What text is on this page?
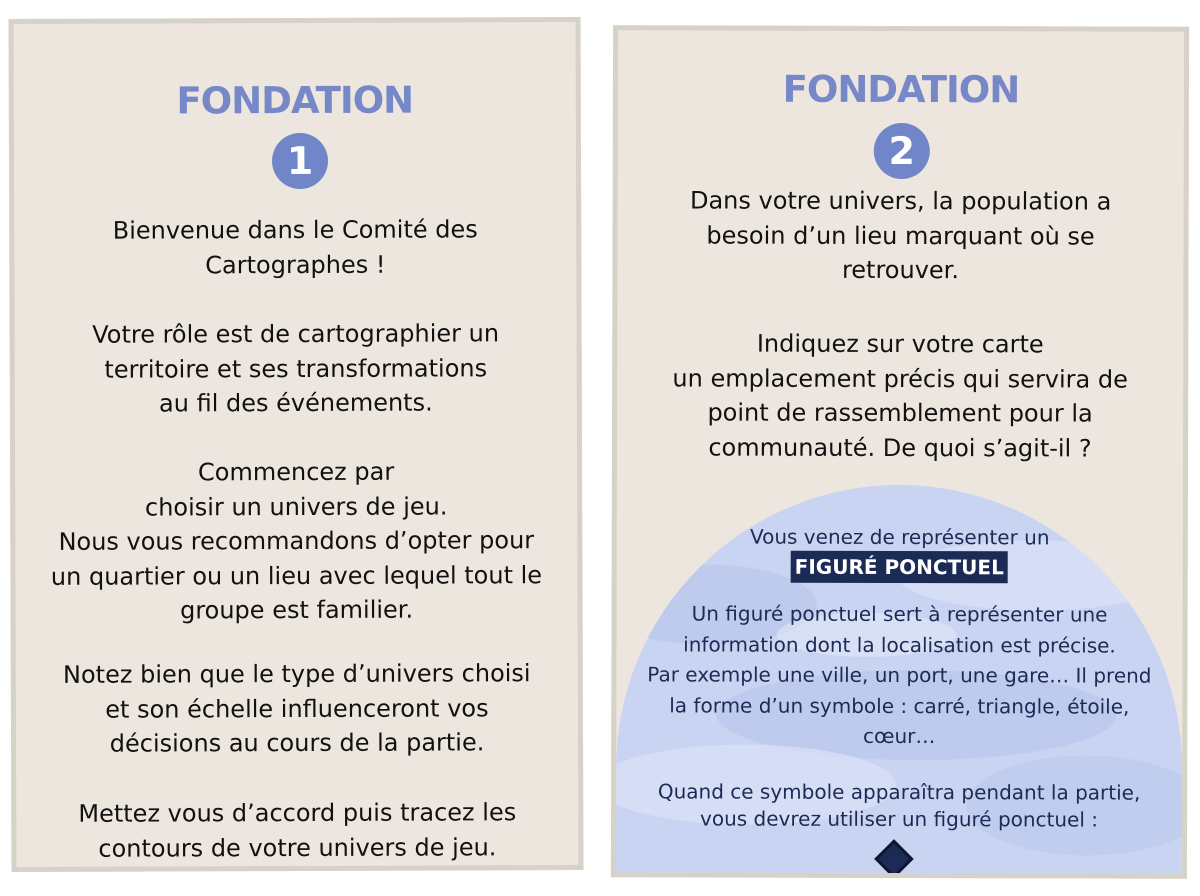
FONDATION
1

Bienvenue dans le Comité des
Cartographes !

Votre rôle est de cartographier un
territoire et ses transformations
au fil des événements.

Commencez par
choisir un univers de jeu.
Nous vous recommandons d’opter pour
un quartier ou un lieu avec lequel tout le
groupe est familier.

Notez bien que le type d’univers choisi
et son échelle influenceront vos
décisions au cours de la partie.

Mettez vous d’accord puis tracez les
contours de votre univers de jeu.

FONDATION
2

Dans votre univers, la population a
besoin d’un lieu marquant où se
retrouver.

Indiquez sur votre carte
un emplacement précis qui servira de
point de rassemblement pour la
communauté. De quoi s’agit-il ?

Vous venez de représenter un

FIGURÉ PONCTUEL

Un figuré ponctuel sert à représenter une
information dont la localisation est précise.
Par exemple une ville, un port, une gare… Il prend
la forme d’un symbole : carré, triangle, étoile,
cœur…

Quand ce symbole apparaîtra pendant la partie,
vous devrez utiliser un figuré ponctuel :
